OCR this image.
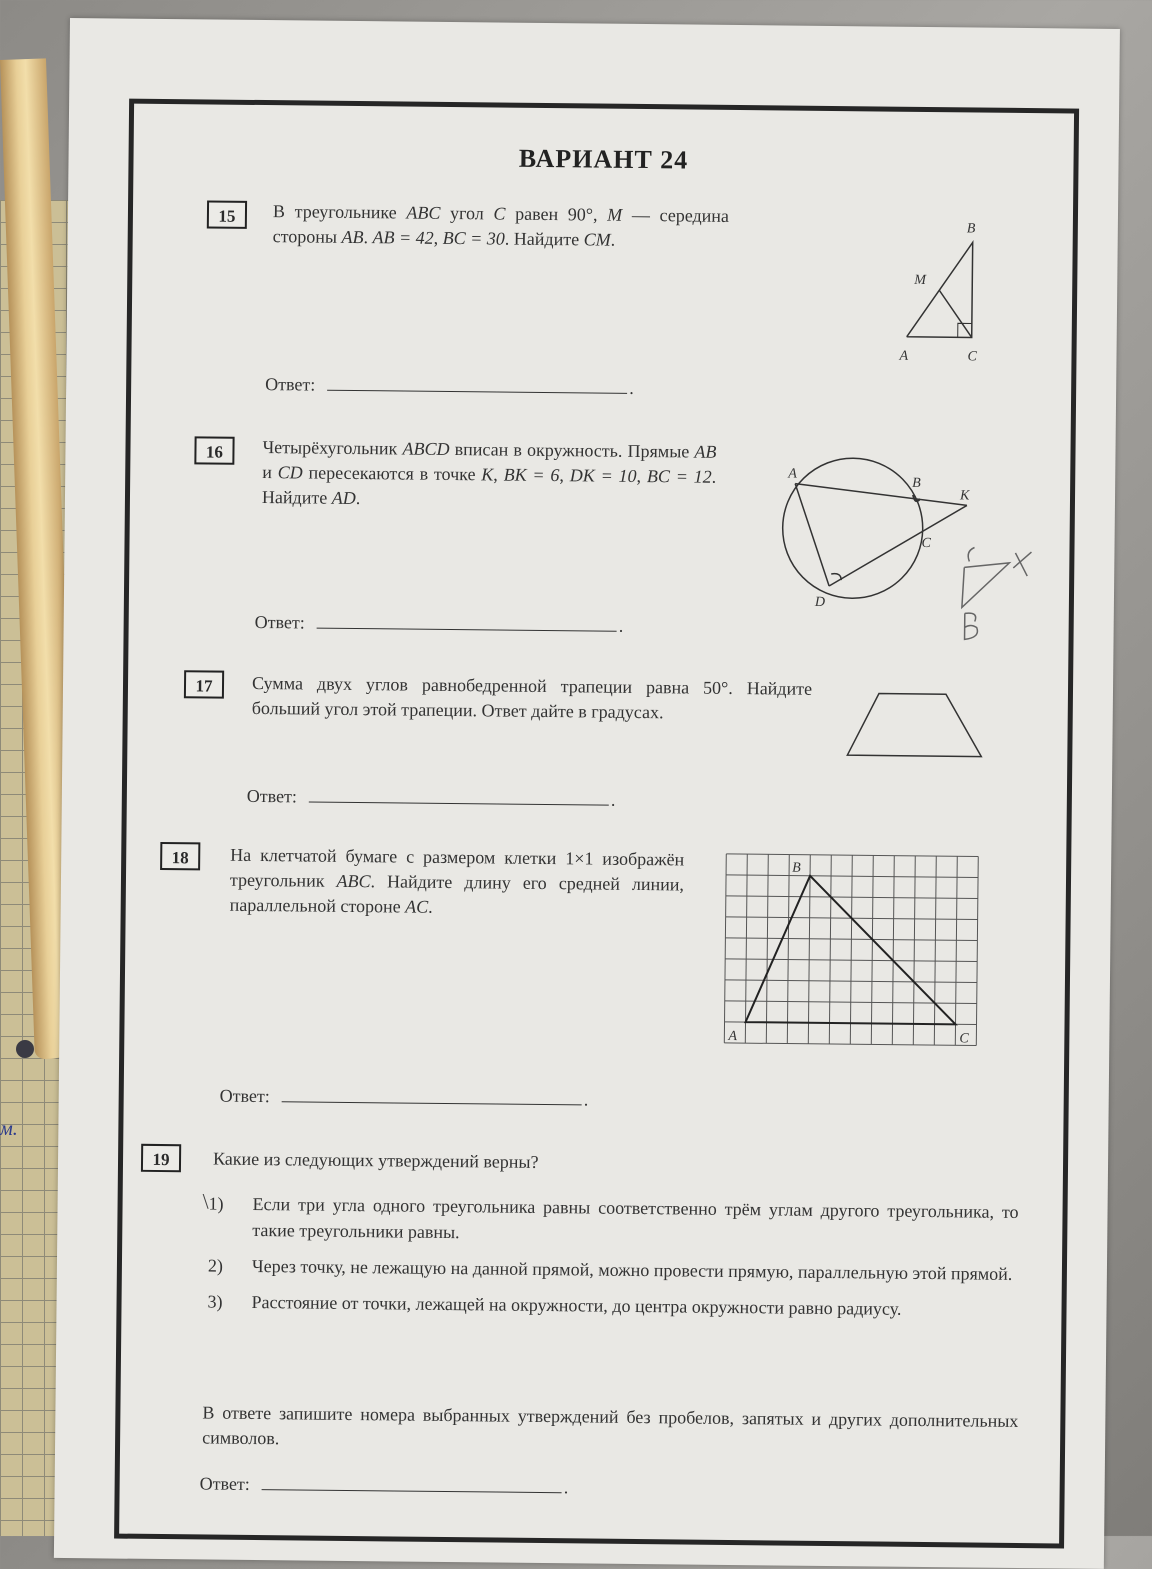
м.
ВАРИАНТ 24
15	В треугольнике ABC угол C равен 90°, M — середина стороны AB. AB = 42, BC = 30. Найдите CM.
B
M
A	C
Ответ:	.
16	Четырёхугольник ABCD вписан в окружность. Прямые AB и CD пересекаются в точке K, BK = 6, DK = 10, BC = 12. Найдите AD.
A
B
K
C
D
Ответ:	.
17	Сумма двух углов равнобедренной трапеции равна 50°. Найдите больший угол этой трапеции. Ответ дайте в градусах.
Ответ:	.
18	На клетчатой бумаге с размером клетки 1×1 изображён треугольник ABC. Найдите длину его средней линии, параллельной стороне AC.
B
A	C
Ответ:	.
19	Какие из следующих утверждений верны?
\ 1) Если три угла одного треугольника равны соответственно трём углам другого треугольника, то такие треугольники равны.
2) Через точку, не лежащую на данной прямой, можно провести прямую, параллельную этой прямой.
3) Расстояние от точки, лежащей на окружности, до центра окружности равно радиусу.
В ответе запишите номера выбранных утверждений без пробелов, запятых и других дополнительных символов.
Ответ:	.
